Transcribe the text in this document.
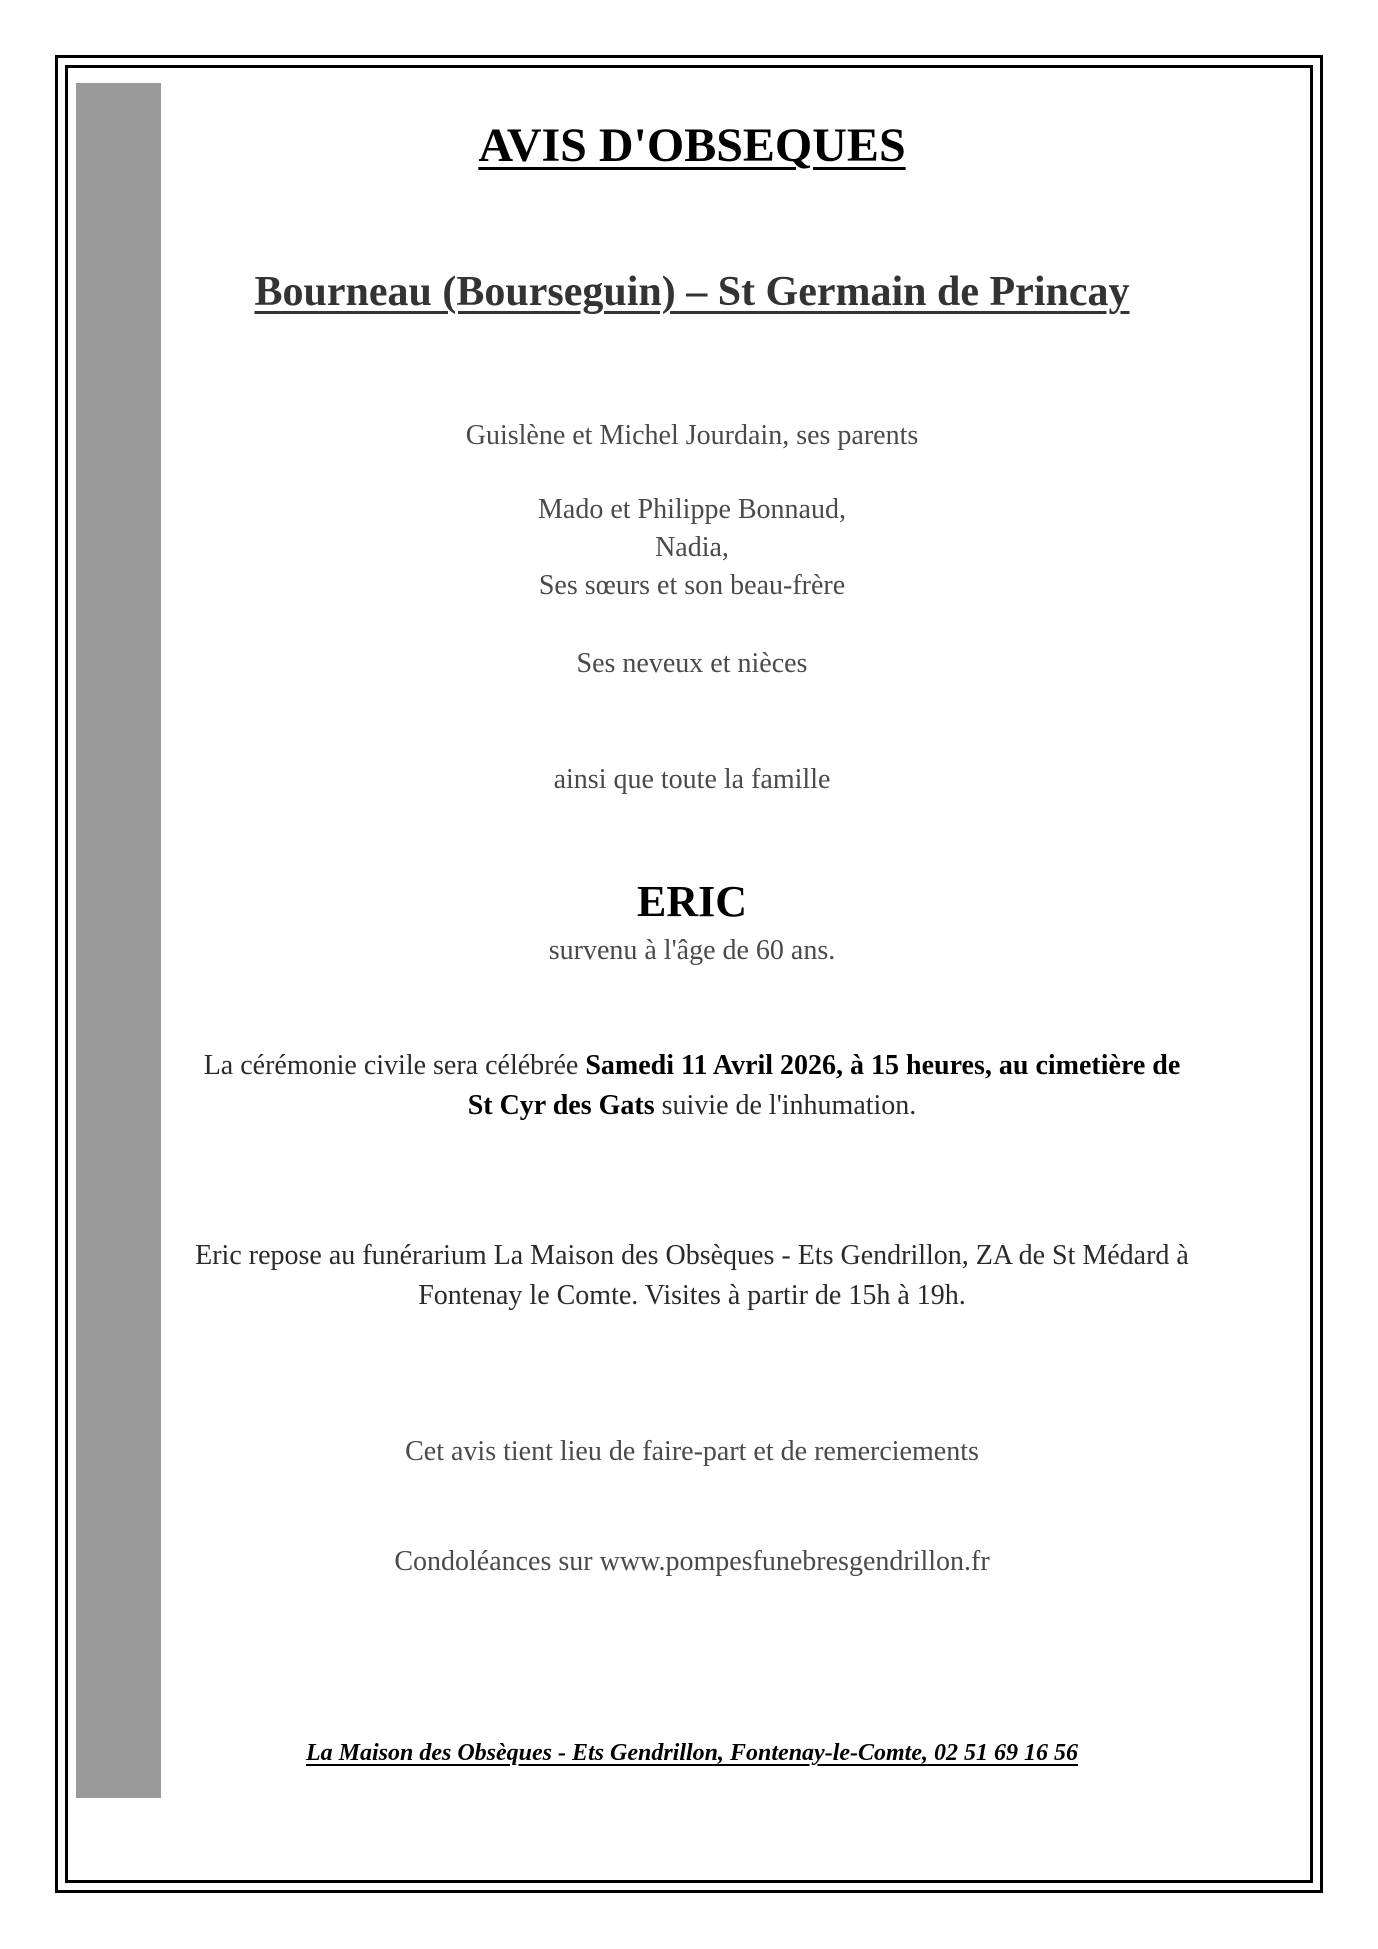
AVIS D'OBSEQUES
Bourneau (Bourseguin) – St Germain de Princay
Guislène et Michel Jourdain, ses parents
Mado et Philippe Bonnaud,
Nadia,
Ses sœurs et son beau-frère
Ses neveux et nièces
ainsi que toute la famille
ERIC
survenu à l'âge de 60 ans.
La cérémonie civile sera célébrée Samedi 11 Avril 2026, à 15 heures, au cimetière de St Cyr des Gats suivie de l'inhumation.
Eric repose au funérarium La Maison des Obsèques - Ets Gendrillon, ZA de St Médard à Fontenay le Comte. Visites à partir de 15h à 19h.
Cet avis tient lieu de faire-part et de remerciements
Condoléances sur www.pompesfunebresgendrillon.fr
La Maison des Obsèques - Ets Gendrillon, Fontenay-le-Comte, 02 51 69 16 56
